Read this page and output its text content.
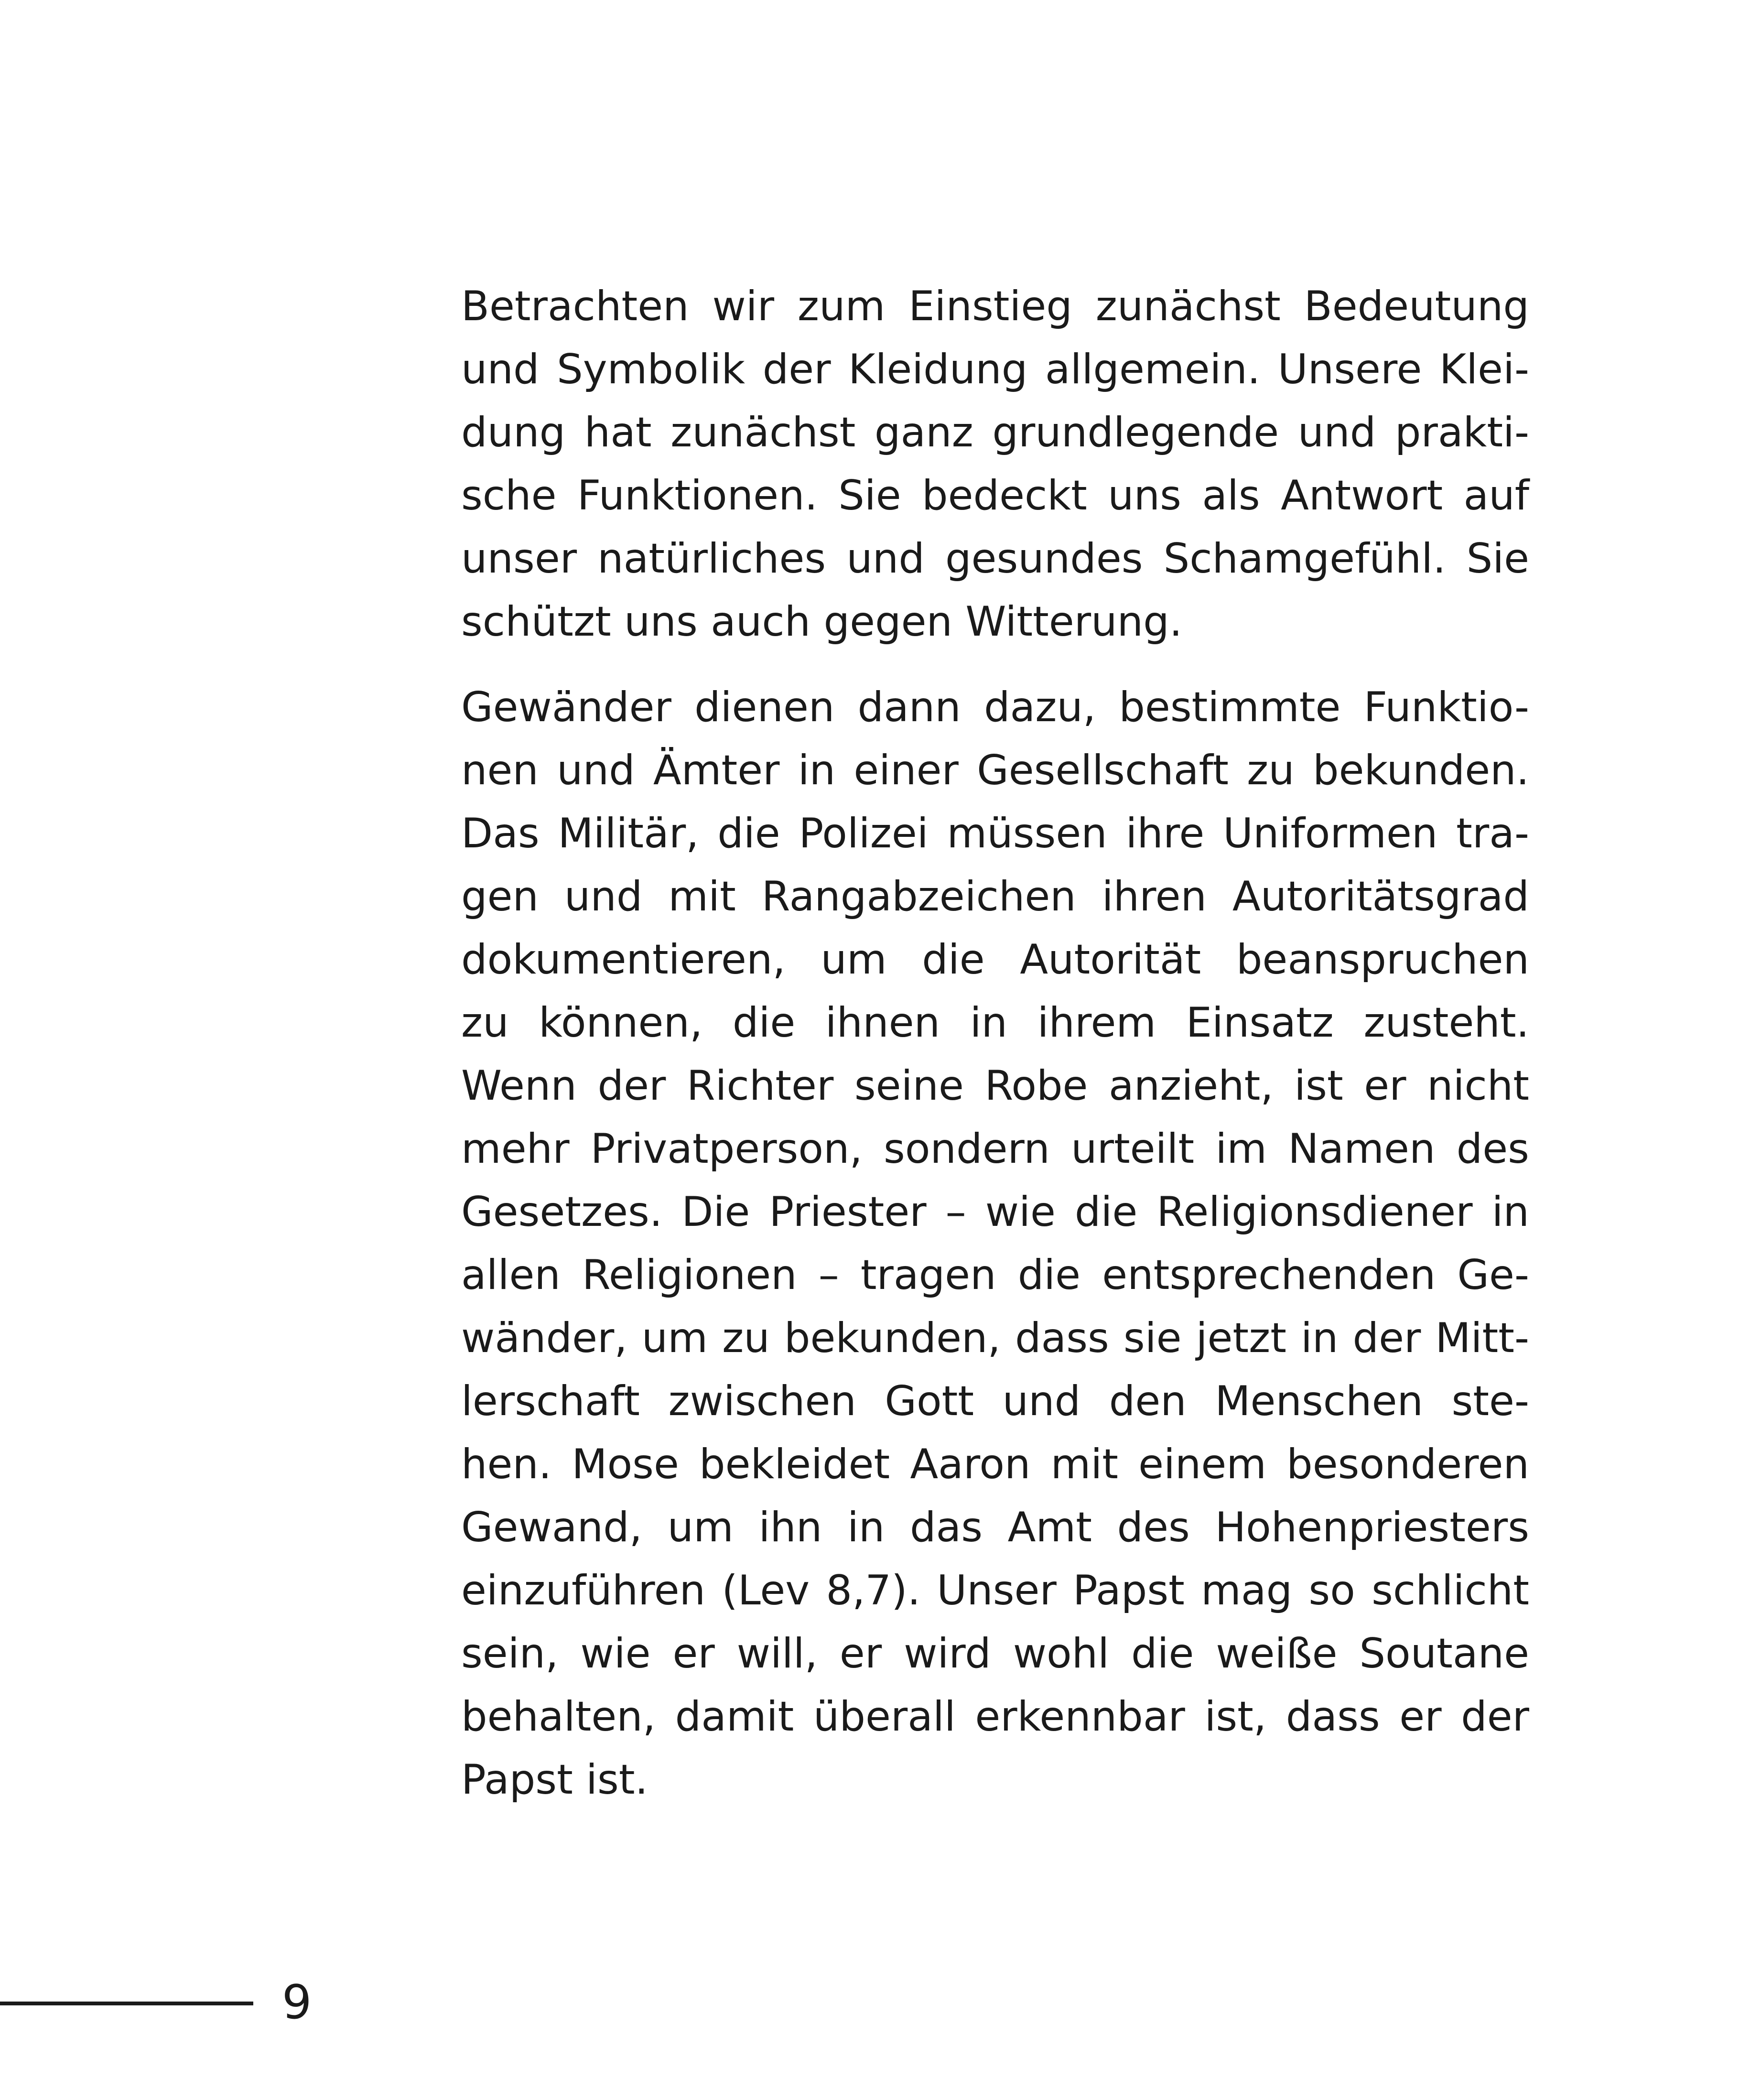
Betrachten wir zum Einstieg zunächst Bedeutung
und Symbolik der Kleidung allgemein. Unsere Klei-
dung hat zunächst ganz grundlegende und prakti-
sche Funktionen. Sie bedeckt uns als Antwort auf
unser natürliches und gesundes Schamgefühl. Sie
schützt uns auch gegen Witterung.
Gewänder dienen dann dazu, bestimmte Funktio-
nen und Ämter in einer Gesellschaft zu bekunden.
Das Militär, die Polizei müssen ihre Uniformen tra-
gen und mit Rangabzeichen ihren Autoritätsgrad
dokumentieren, um die Autorität beanspruchen
zu können, die ihnen in ihrem Einsatz zusteht.
Wenn der Richter seine Robe anzieht, ist er nicht
mehr Privatperson, sondern urteilt im Namen des
Gesetzes. Die Priester – wie die Religionsdiener in
allen Religionen – tragen die entsprechenden Ge-
wänder, um zu bekunden, dass sie jetzt in der Mitt-
lerschaft zwischen Gott und den Menschen ste-
hen. Mose bekleidet Aaron mit einem besonderen
Gewand, um ihn in das Amt des Hohenpriesters
einzuführen (Lev 8,7). Unser Papst mag so schlicht
sein, wie er will, er wird wohl die weiße Soutane
behalten, damit überall erkennbar ist, dass er der
Papst ist.
9
